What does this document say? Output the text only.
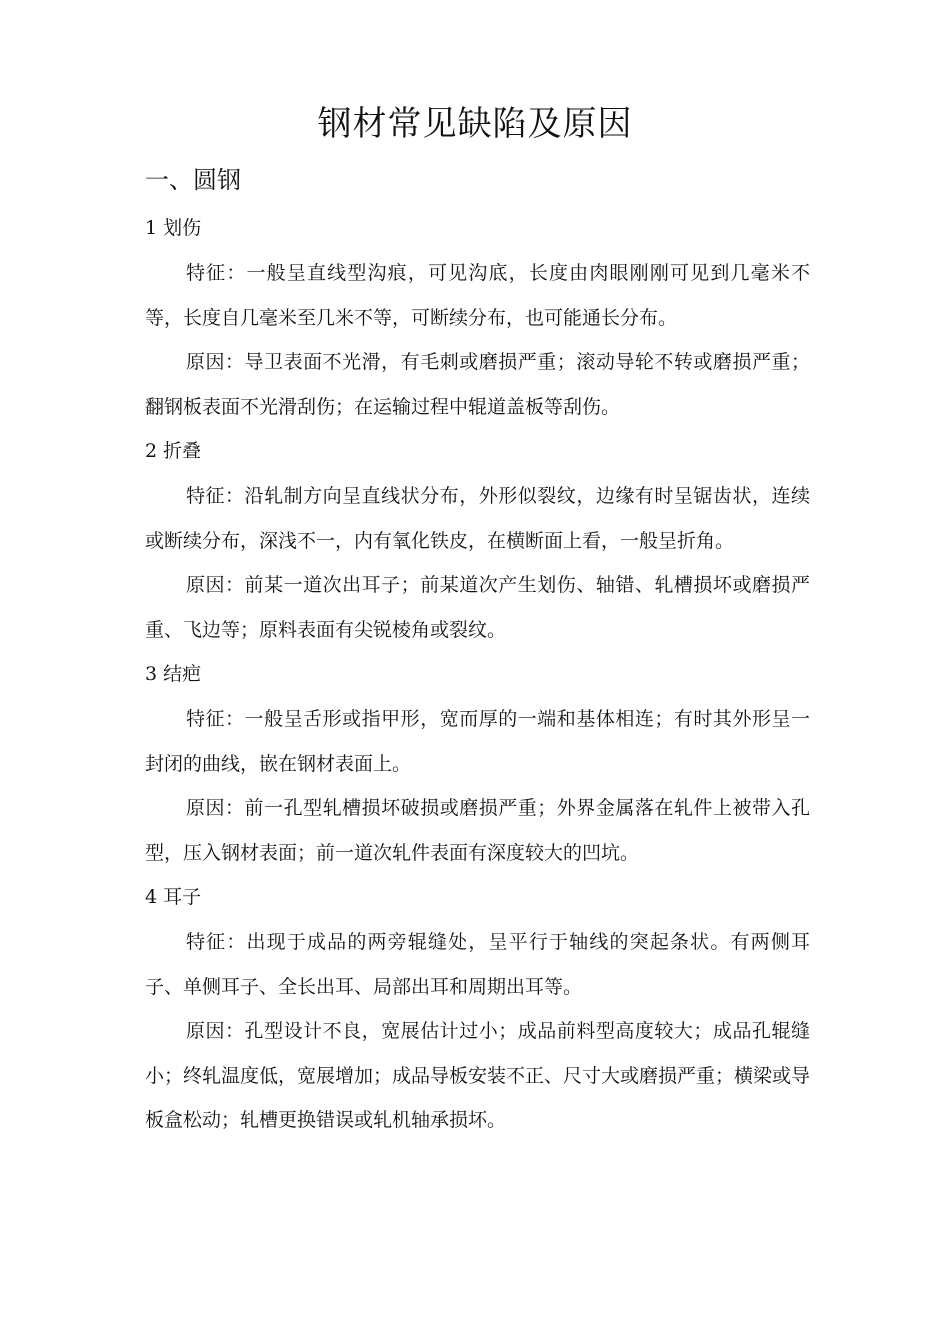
钢材常见缺陷及原因
一、圆钢
1 划伤
特征：一般呈直线型沟痕，可见沟底，长度由肉眼刚刚可见到几毫米不等，长度自几毫米至几米不等，可断续分布，也可能通长分布。
原因：导卫表面不光滑，有毛刺或磨损严重；滚动导轮不转或磨损严重；翻钢板表面不光滑刮伤；在运输过程中辊道盖板等刮伤。
2 折叠
特征：沿轧制方向呈直线状分布，外形似裂纹，边缘有时呈锯齿状，连续或断续分布，深浅不一，内有氧化铁皮，在横断面上看，一般呈折角。
原因：前某一道次出耳子；前某道次产生划伤、轴错、轧槽损坏或磨损严重、飞边等；原料表面有尖锐棱角或裂纹。
3 结疤
特征：一般呈舌形或指甲形，宽而厚的一端和基体相连；有时其外形呈一封闭的曲线，嵌在钢材表面上。
原因：前一孔型轧槽损坏破损或磨损严重；外界金属落在轧件上被带入孔型，压入钢材表面；前一道次轧件表面有深度较大的凹坑。
4 耳子
特征：出现于成品的两旁辊缝处，呈平行于轴线的突起条状。有两侧耳子、单侧耳子、全长出耳、局部出耳和周期出耳等。
原因：孔型设计不良，宽展估计过小；成品前料型高度较大；成品孔辊缝小；终轧温度低，宽展增加；成品导板安装不正、尺寸大或磨损严重；横梁或导板盒松动；轧槽更换错误或轧机轴承损坏。
